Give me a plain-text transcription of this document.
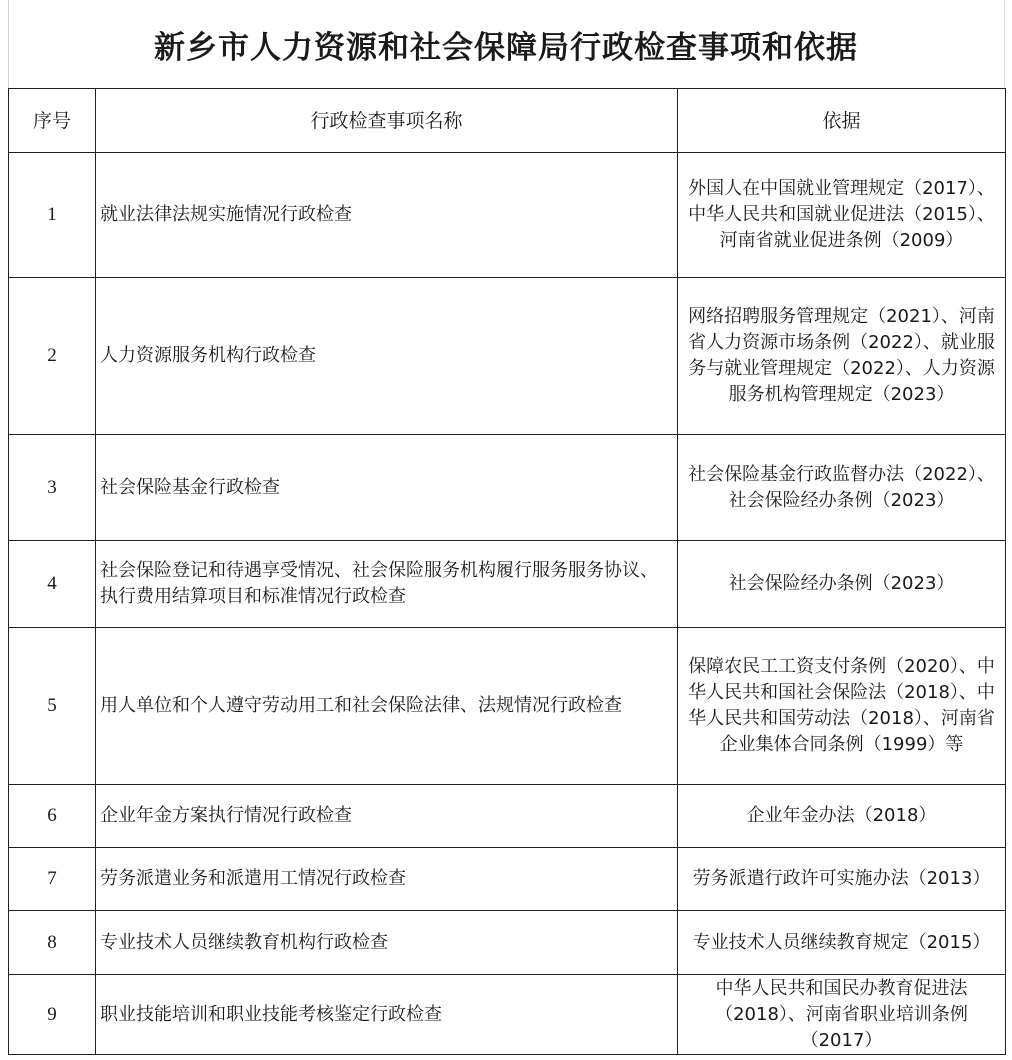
新乡市人力资源和社会保障局行政检查事项和依据
序号	行政检查事项名称	依据
1	就业法律法规实施情况行政检查	外国人在中国就业管理规定（2017）、中华人民共和国就业促进法（2015）、河南省就业促进条例（2009）
2	人力资源服务机构行政检查	网络招聘服务管理规定（2021）、河南省人力资源市场条例（2022）、就业服务与就业管理规定（2022）、人力资源服务机构管理规定（2023）
3	社会保险基金行政检查	社会保险基金行政监督办法（2022）、社会保险经办条例（2023）
4	社会保险登记和待遇享受情况、社会保险服务机构履行服务服务协议、执行费用结算项目和标准情况行政检查	社会保险经办条例（2023）
5	用人单位和个人遵守劳动用工和社会保险法律、法规情况行政检查	保障农民工工资支付条例（2020）、中华人民共和国社会保险法（2018）、中华人民共和国劳动法（2018）、河南省企业集体合同条例（1999）等
6	企业年金方案执行情况行政检查	企业年金办法（2018）
7	劳务派遣业务和派遣用工情况行政检查	劳务派遣行政许可实施办法（2013）
8	专业技术人员继续教育机构行政检查	专业技术人员继续教育规定（2015）
9	职业技能培训和职业技能考核鉴定行政检查	中华人民共和国民办教育促进法（2018）、河南省职业培训条例（2017）
